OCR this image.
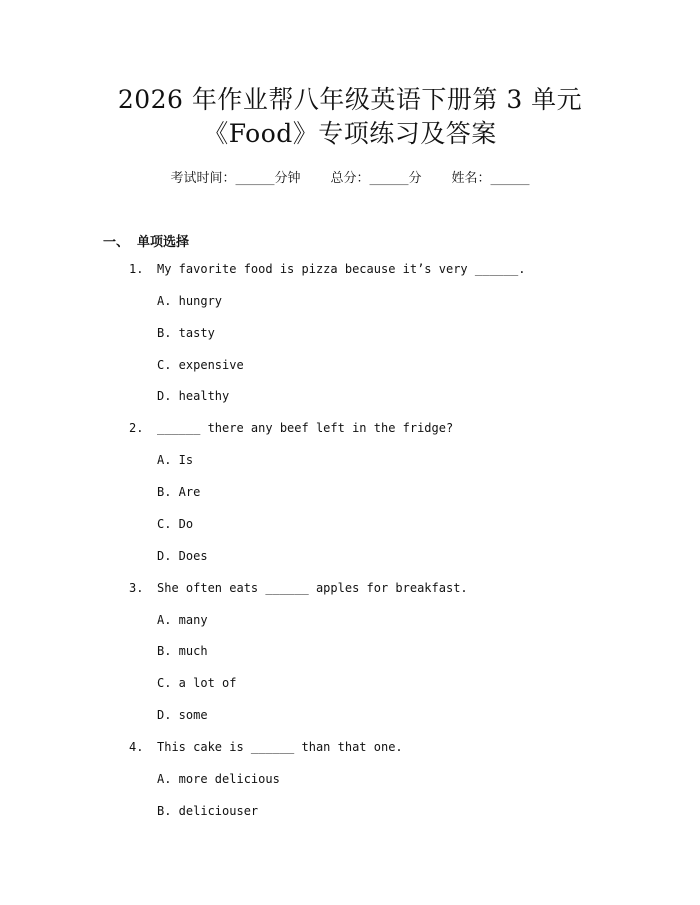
2026 年作业帮八年级英语下册第 3 单元
《Food》专项练习及答案
考试时间：______分钟 总分：______分 姓名：______
一、 单项选择
1. My favorite food is pizza because it’s very ______.
A. hungry
B. tasty
C. expensive
D. healthy
2. ______ there any beef left in the fridge?
A. Is
B. Are
C. Do
D. Does
3. She often eats ______ apples for breakfast.
A. many
B. much
C. a lot of
D. some
4. This cake is ______ than that one.
A. more delicious
B. deliciouser
